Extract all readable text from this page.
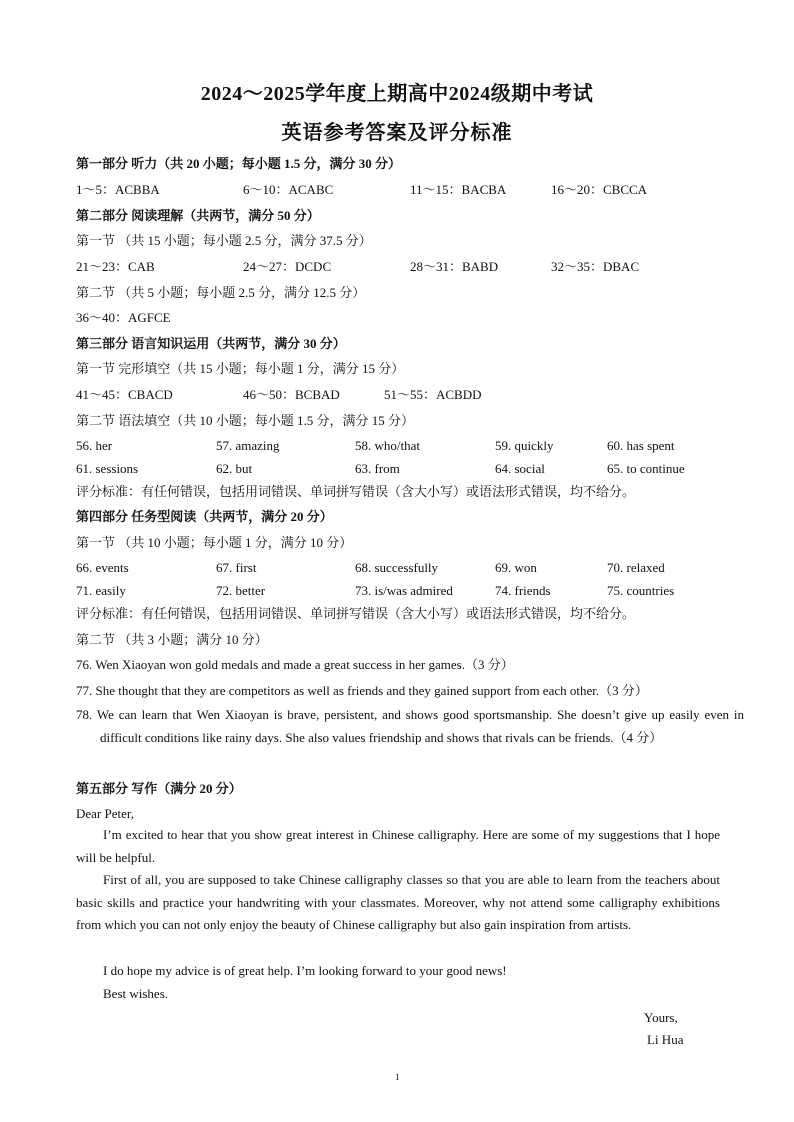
2024～2025学年度上期高中2024级期中考试
英语参考答案及评分标准
第一部分 听力（共 20 小题；每小题 1.5 分，满分 30 分）
1～5：ACBBA	6～10：ACABC	11～15：BACBA	16～20：CBCCA
第二部分 阅读理解（共两节，满分 50 分）
第一节 （共 15 小题；每小题 2.5 分，满分 37.5 分）
21～23：CAB	24～27：DCDC	28～31：BABD	32～35：DBAC
第二节 （共 5 小题；每小题 2.5 分，满分 12.5 分）
36～40：AGFCE
第三部分 语言知识运用（共两节，满分 30 分）
第一节 完形填空（共 15 小题；每小题 1 分，满分 15 分）
41～45：CBACD	46～50：BCBAD	51～55：ACBDD
第二节 语法填空（共 10 小题；每小题 1.5 分，满分 15 分）
56. her	57. amazing	58. who/that	59. quickly	60. has spent
61. sessions	62. but	63. from	64. social	65. to continue
评分标准：有任何错误，包括用词错误、单词拼写错误（含大小写）或语法形式错误，均不给分。
第四部分 任务型阅读（共两节，满分 20 分）
第一节 （共 10 小题；每小题 1 分，满分 10 分）
66. events	67. first	68. successfully	69. won	70. relaxed
71. easily	72. better	73. is/was admired	74. friends	75. countries
评分标准：有任何错误，包括用词错误、单词拼写错误（含大小写）或语法形式错误，均不给分。
第二节 （共 3 小题；满分 10 分）
76. Wen Xiaoyan won gold medals and made a great success in her games.（3 分）
77. She thought that they are competitors as well as friends and they gained support from each other.（3 分）
78. We can learn that Wen Xiaoyan is brave, persistent, and shows good sportsmanship. She doesn’t give up easily even in difficult conditions like rainy days. She also values friendship and shows that rivals can be friends.（4 分）
第五部分 写作（满分 20 分）
Dear Peter,
I’m excited to hear that you show great interest in Chinese calligraphy. Here are some of my suggestions that I hope will be helpful.
First of all, you are supposed to take Chinese calligraphy classes so that you are able to learn from the teachers about basic skills and practice your handwriting with your classmates. Moreover, why not attend some calligraphy exhibitions from which you can not only enjoy the beauty of Chinese calligraphy but also gain inspiration from artists.
I do hope my advice is of great help. I’m looking forward to your good news!
Best wishes.
Yours,
Li Hua
1
